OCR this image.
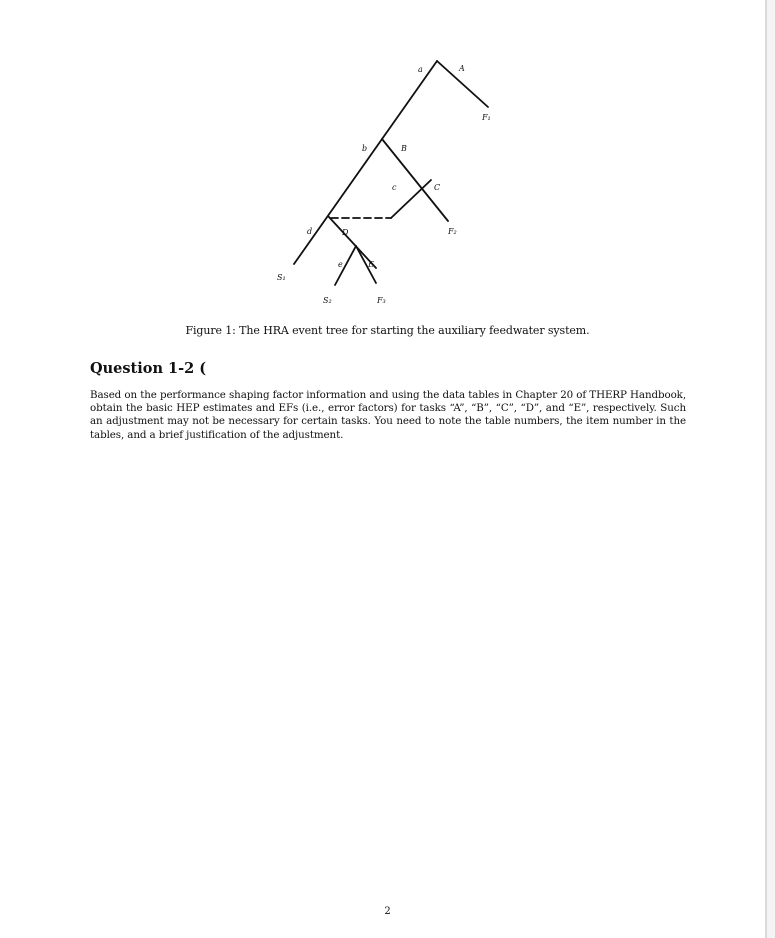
a	A
F₁
b	B
c	C
F₂
d	D
S₁
e	E
S₂	F₃
Figure 1: The HRA event tree for starting the auxiliary feedwater system.
Question 1-2 (
Based on the performance shaping factor information and using the data tables in Chapter 20 of THERP Handbook, obtain the basic HEP estimates and EFs (i.e., error factors) for tasks “A”, “B”, “C”, “D”, and “E”, respectively. Such an adjustment may not be necessary for certain tasks. You need to note the table numbers, the item number in the tables, and a brief justification of the adjustment.
2
